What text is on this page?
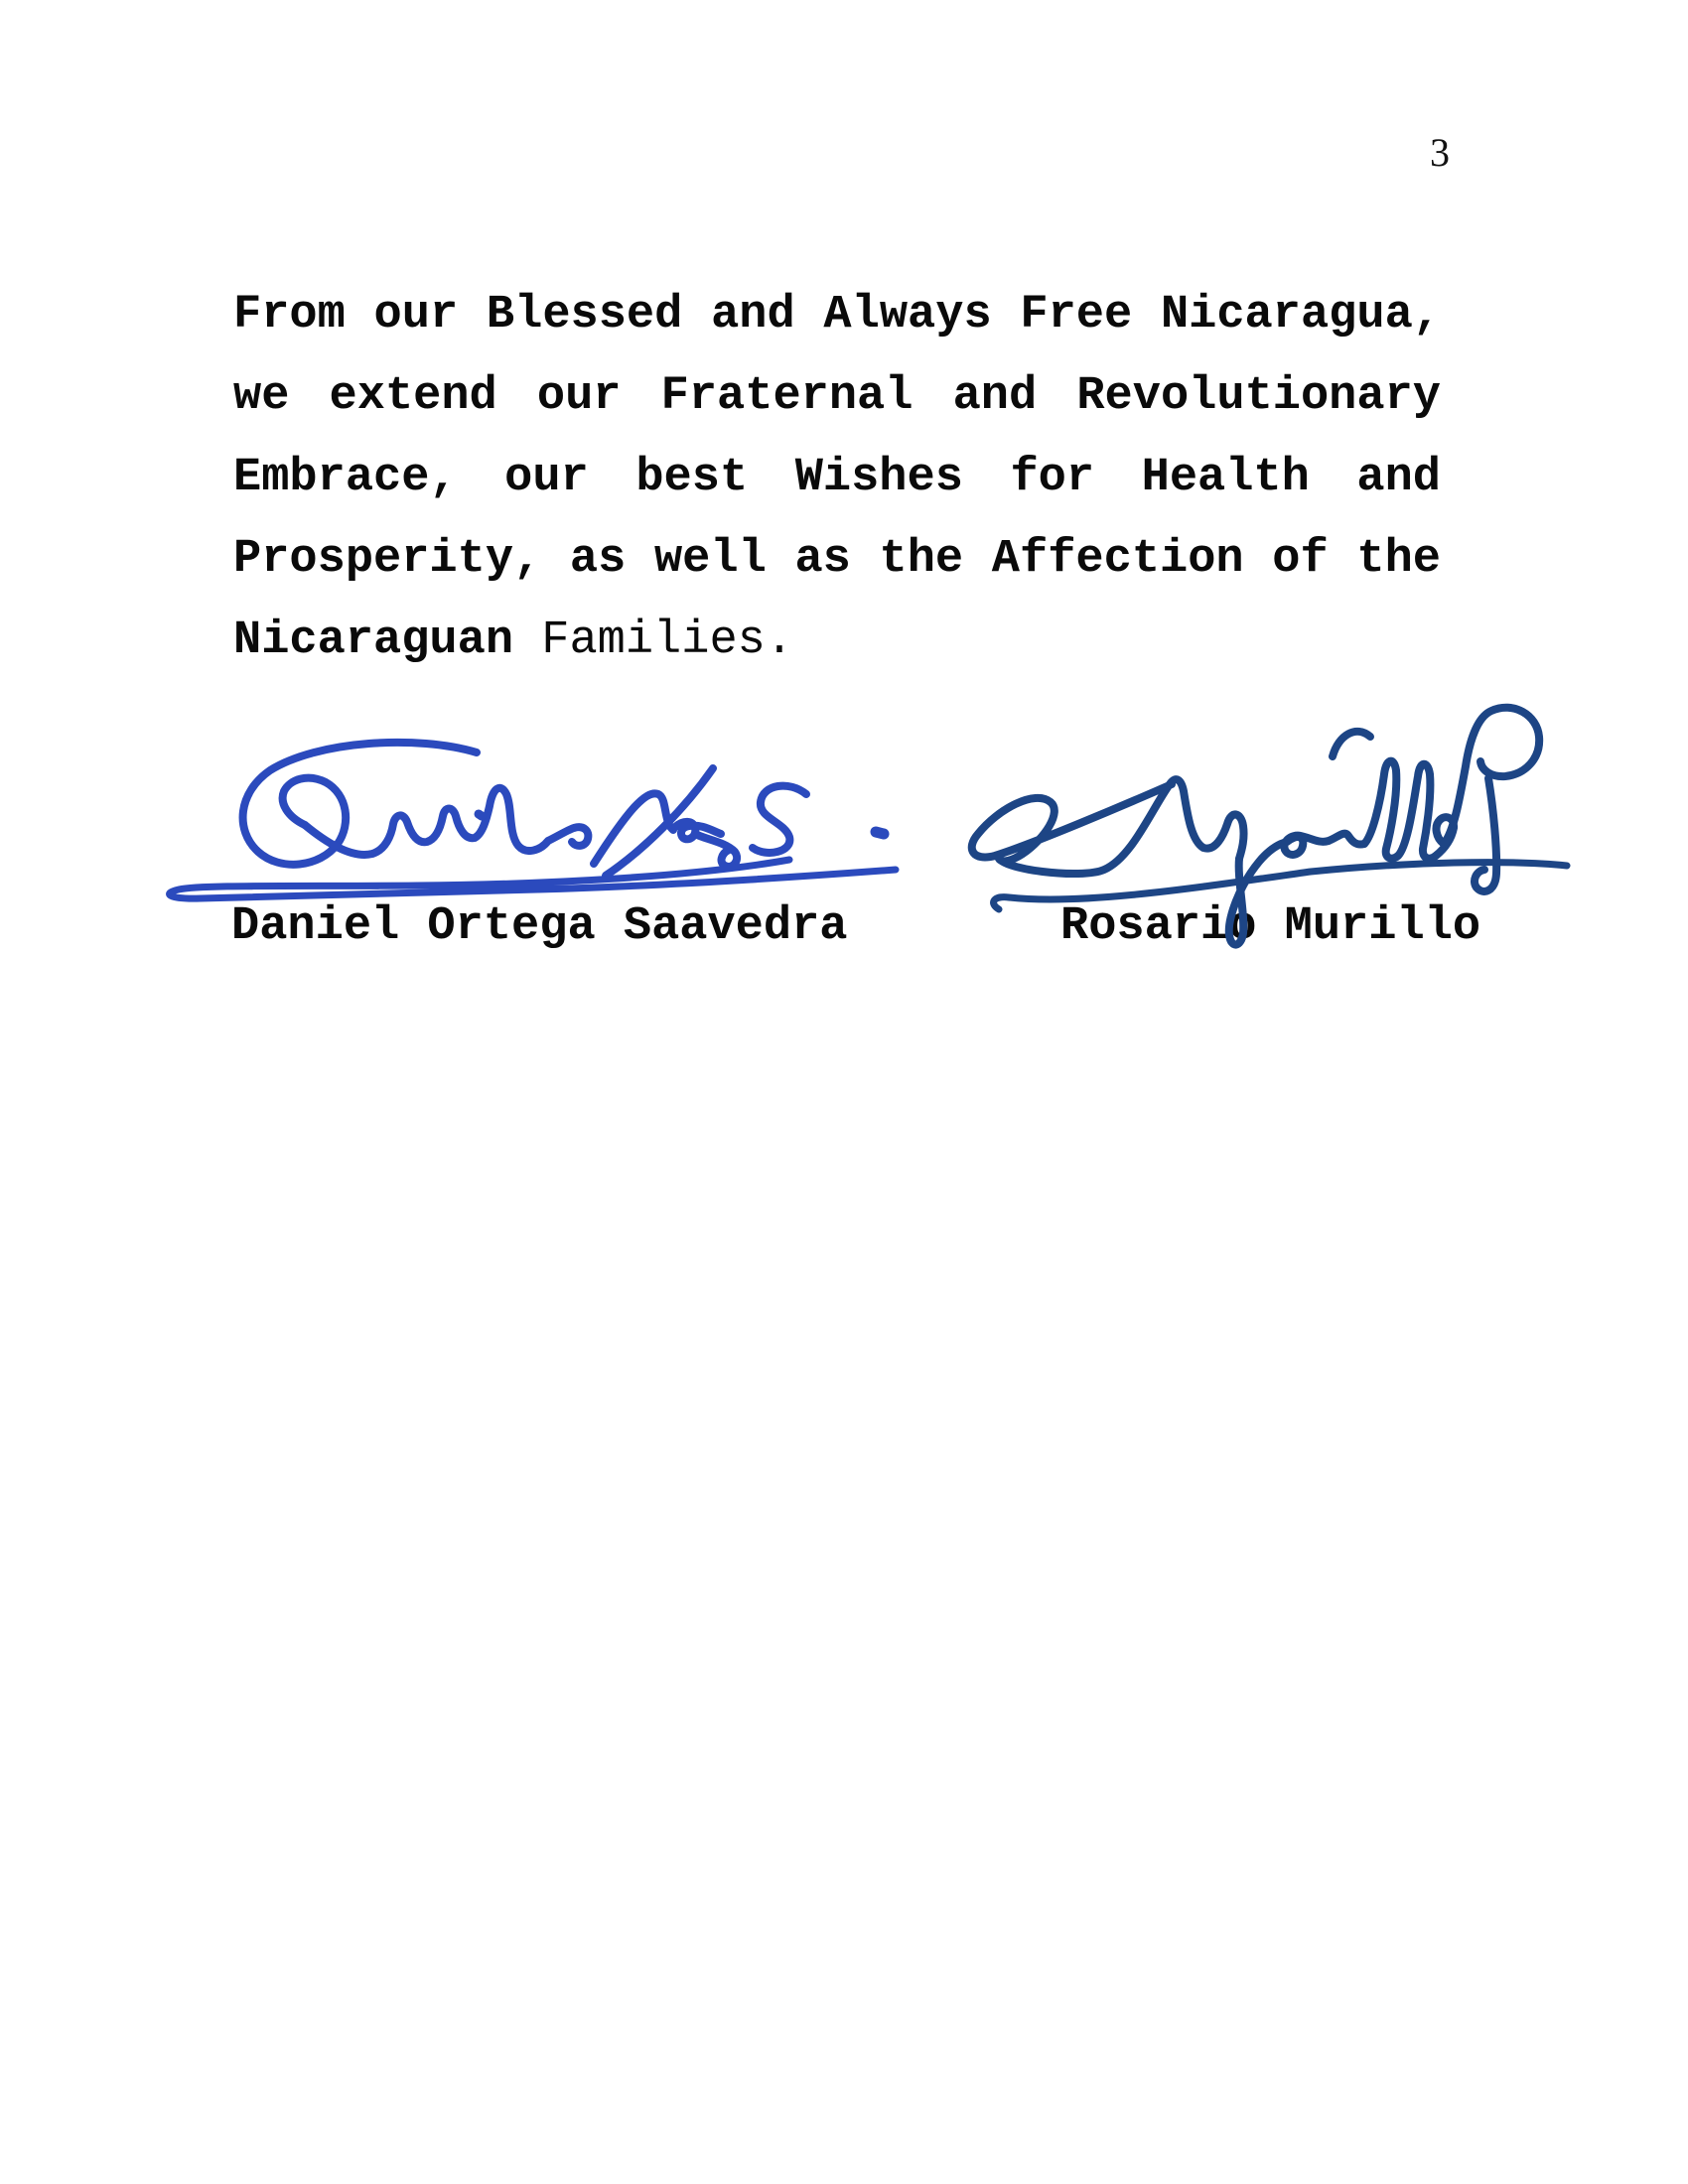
3
From our Blessed and Always Free Nicaragua,
we extend our Fraternal and Revolutionary
Embrace, our best Wishes for Health and
Prosperity, as well as the Affection of the
Nicaraguan Families.
Daniel Ortega Saavedra	Rosario Murillo
